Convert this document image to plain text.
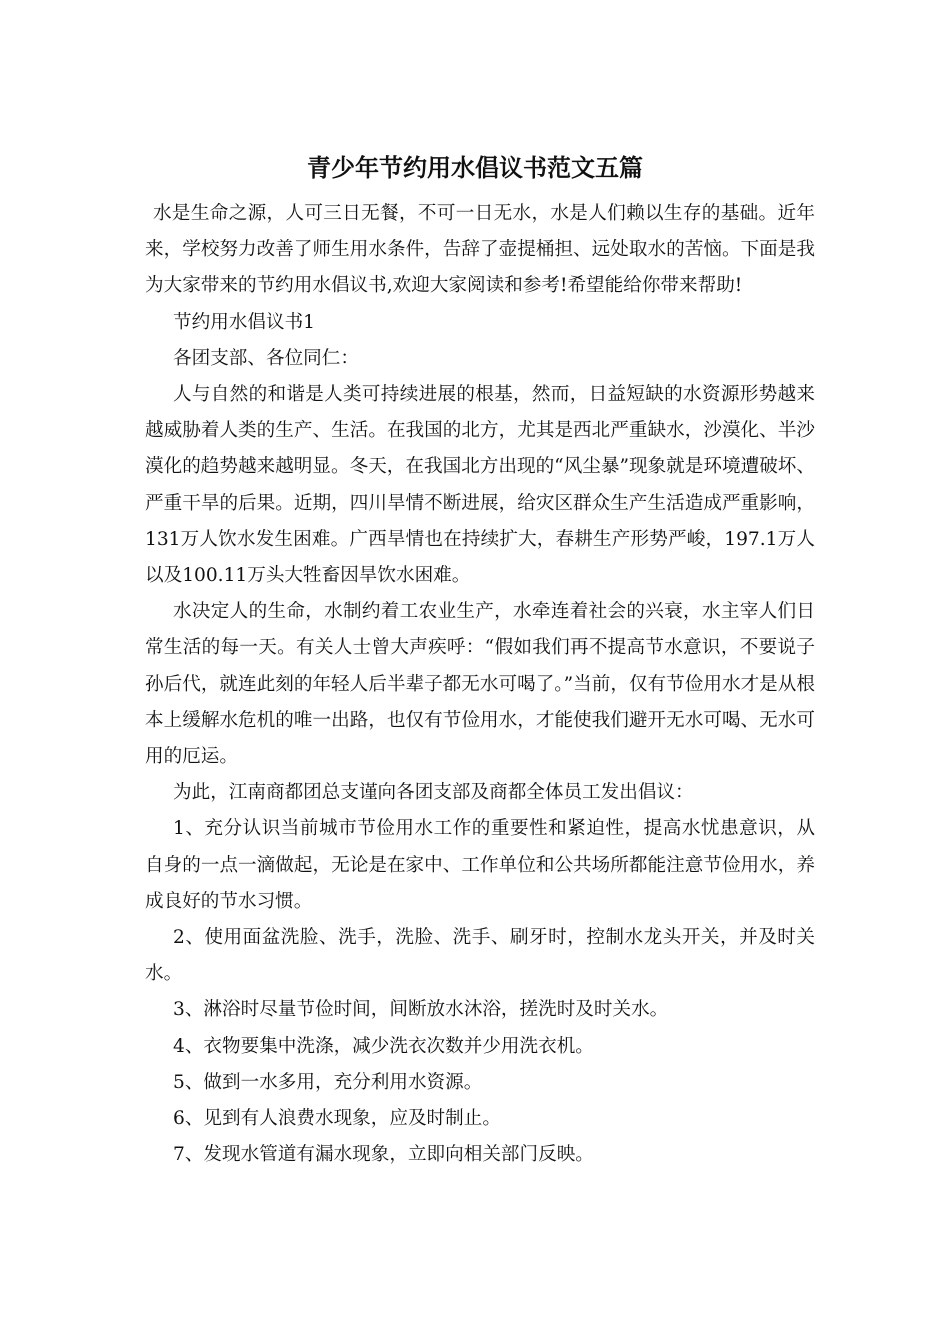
青少年节约用水倡议书范文五篇

水是生命之源，人可三日无餐，不可一日无水，水是人们赖以生存的基础。近年来，学校努力改善了师生用水条件，告辞了壶提桶担、远处取水的苦恼。下面是我为大家带来的节约用水倡议书,欢迎大家阅读和参考!希望能给你带来帮助!

节约用水倡议书1

各团支部、各位同仁：

人与自然的和谐是人类可持续进展的根基，然而，日益短缺的水资源形势越来越威胁着人类的生产、生活。在我国的北方，尤其是西北严重缺水，沙漠化、半沙漠化的趋势越来越明显。冬天，在我国北方出现的“风尘暴”现象就是环境遭破坏、严重干旱的后果。近期，四川旱情不断进展，给灾区群众生产生活造成严重影响，131万人饮水发生困难。广西旱情也在持续扩大，春耕生产形势严峻，197.1万人以及100.11万头大牲畜因旱饮水困难。

水决定人的生命，水制约着工农业生产，水牵连着社会的兴衰，水主宰人们日常生活的每一天。有关人士曾大声疾呼：“假如我们再不提高节水意识，不要说子孙后代，就连此刻的年轻人后半辈子都无水可喝了。”当前，仅有节俭用水才是从根本上缓解水危机的唯一出路，也仅有节俭用水，才能使我们避开无水可喝、无水可用的厄运。

为此，江南商都团总支谨向各团支部及商都全体员工发出倡议：

1、充分认识当前城市节俭用水工作的重要性和紧迫性，提高水忧患意识，从自身的一点一滴做起，无论是在家中、工作单位和公共场所都能注意节俭用水，养成良好的节水习惯。

2、使用面盆洗脸、洗手，洗脸、洗手、刷牙时，控制水龙头开关，并及时关水。

3、淋浴时尽量节俭时间，间断放水沐浴，搓洗时及时关水。

4、衣物要集中洗涤，减少洗衣次数并少用洗衣机。

5、做到一水多用，充分利用水资源。

6、见到有人浪费水现象，应及时制止。

7、发现水管道有漏水现象，立即向相关部门反映。
